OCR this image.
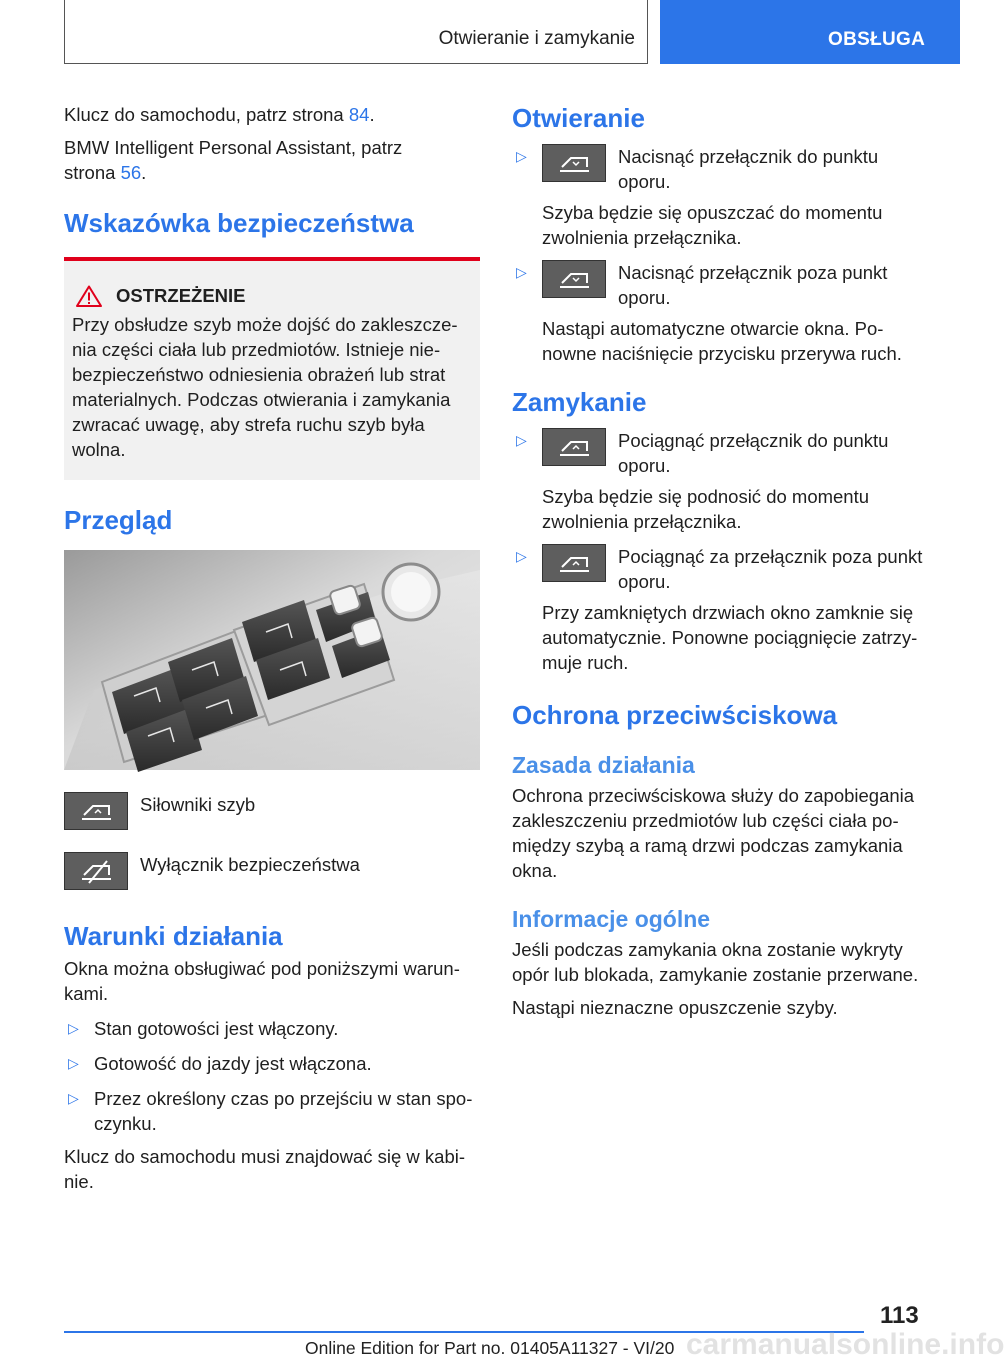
Otwieranie i zamykanie	OBSŁUGA

Klucz do samochodu, patrz strona 84.

BMW Intelligent Personal Assistant, patrz strona 56.

Wskazówka bezpieczeństwa
OSTRZEŻENIE

Przy obsłudze szyb może dojść do zakleszcze-nia części ciała lub przedmiotów. Istnieje nie-bezpieczeństwo odniesienia obrażeń lub strat materialnych. Podczas otwierania i zamykania zwracać uwagę, aby strefa ruchu szyb była wolna.

Przegląd
Siłowniki szyb
Wyłącznik bezpieczeństwa
Warunki działania

Okna można obsługiwać pod poniższymi warun-kami.

▷ Stan gotowości jest włączony.
▷ Gotowość do jazdy jest włączona.
▷ Przez określony czas po przejściu w stan spo-czynku.

Klucz do samochodu musi znajdować się w kabi-nie.

Otwieranie
▷	Nacisnąć przełącznik do punktu oporu.

Szyba będzie się opuszczać do momentu zwolnienia przełącznika.

▷	Nacisnąć przełącznik poza punkt oporu.

Nastąpi automatyczne otwarcie okna. Po-nowne naciśnięcie przycisku przerywa ruch.

Zamykanie
▷	Pociągnąć przełącznik do punktu oporu.

Szyba będzie się podnosić do momentu zwolnienia przełącznika.

▷	Pociągnąć za przełącznik poza punkt oporu.

Przy zamkniętych drzwiach okno zamknie się automatycznie. Ponowne pociągnięcie zatrzy-muje ruch.

Ochrona przeciwściskowa
Zasada działania

Ochrona przeciwściskowa służy do zapobiegania zakleszczeniu przedmiotów lub części ciała po-między szybą a ramą drzwi podczas zamykania okna.

Informacje ogólne

Jeśli podczas zamykania okna zostanie wykryty opór lub blokada, zamykanie zostanie przerwane.

Nastąpi nieznaczne opuszczenie szyby.

113
Online Edition for Part no. 01405A11327 - VI/20 carmanualsonline.info
